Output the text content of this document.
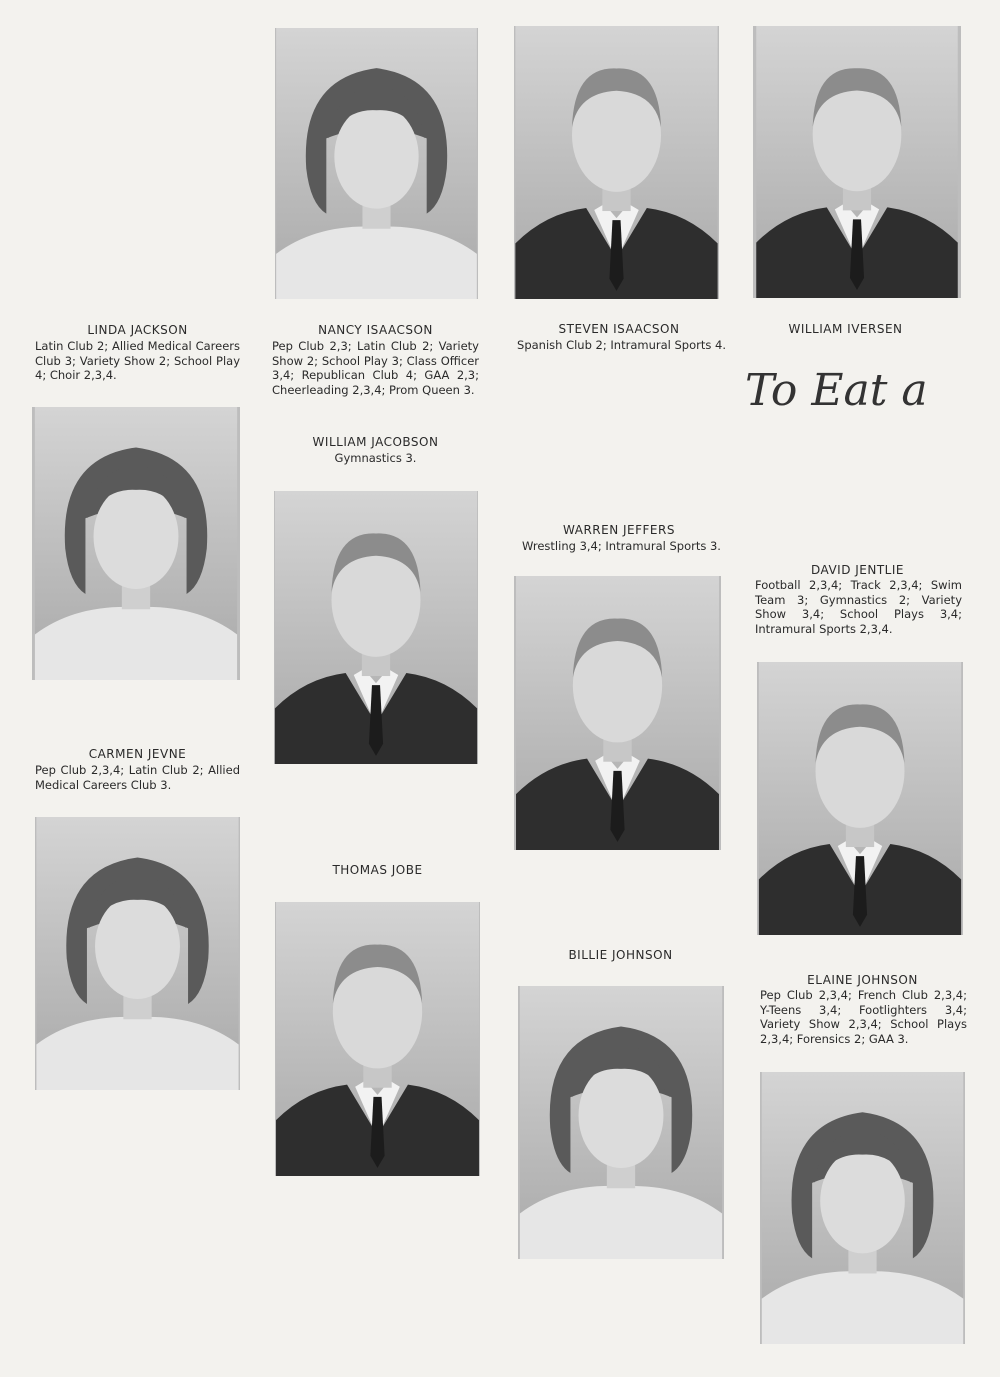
LINDA JACKSON
Latin Club 2; Allied Medical Careers Club 3; Variety Show 2; School Play 4; Choir 2,3,4.
NANCY ISAACSON
Pep Club 2,3; Latin Club 2; Variety Show 2; School Play 3; Class Officer 3,4; Republican Club 4; GAA 2,3; Cheerleading 2,3,4; Prom Queen 3.
STEVEN ISAACSON
Spanish Club 2; Intramural Sports 4.
WILLIAM IVERSEN
To Eat a
WILLIAM JACOBSON
Gymnastics 3.
WARREN JEFFERS
Wrestling 3,4; Intramural Sports 3.
DAVID JENTLIE
Football 2,3,4; Track 2,3,4; Swim Team 3; Gymnastics 2; Variety Show 3,4; School Plays 3,4; Intramural Sports 2,3,4.
CARMEN JEVNE
Pep Club 2,3,4; Latin Club 2; Allied Medical Careers Club 3.
THOMAS JOBE
BILLIE JOHNSON
ELAINE JOHNSON
Pep Club 2,3,4; French Club 2,3,4; Y-Teens 3,4; Footlighters 3,4; Variety Show 2,3,4; School Plays 2,3,4; Forensics 2; GAA 3.
